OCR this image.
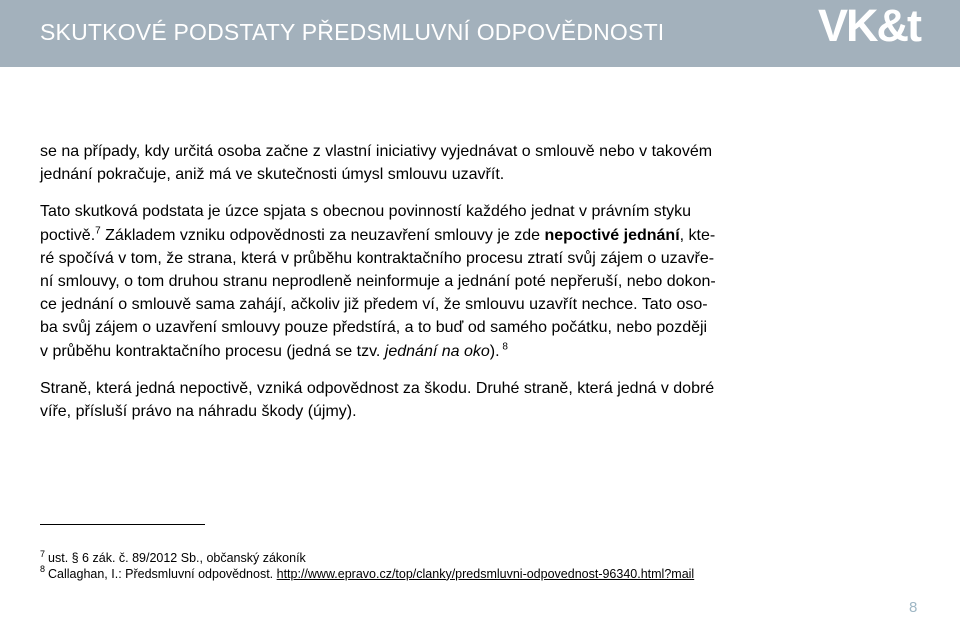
SKUTKOVÉ PODSTATY PŘEDSMLUVNÍ ODPOVĚDNOSTI	VK&t

se na případy, kdy určitá osoba začne z vlastní iniciativy vyjednávat o smlouvě nebo v takovém
jednání pokračuje, aniž má ve skutečnosti úmysl smlouvu uzavřít.

Tato skutková podstata je úzce spjata s obecnou povinností každého jednat v právním styku
poctivě.$^7$ Základem vzniku odpovědnosti za neuzavření smlouvy je zde nepoctivé jednání, kte-
ré spočívá v tom, že strana, která v průběhu kontraktačního procesu ztratí svůj zájem o uzavře-
ní smlouvy, o tom druhou stranu neprodleně neinformuje a jednání poté nepřeruší, nebo dokon-
ce jednání o smlouvě sama zahájí, ačkoliv již předem ví, že smlouvu uzavřít nechce. Tato oso-
ba svůj zájem o uzavření smlouvy pouze předstírá, a to buď od samého počátku, nebo později
v průběhu kontraktačního procesu (jedná se tzv. jednání na oko). $^8$

Straně, která jedná nepoctivě, vzniká odpovědnost za škodu. Druhé straně, která jedná v dobré
víře, přísluší právo na náhradu škody (újmy).

$^7$ ust. § 6 zák. č. 89/2012 Sb., občanský zákoník
$^8$ Callaghan, I.: Předsmluvní odpovědnost. http://www.epravo.cz/top/clanky/predsmluvni-odpovednost-96340.html?mail
8
